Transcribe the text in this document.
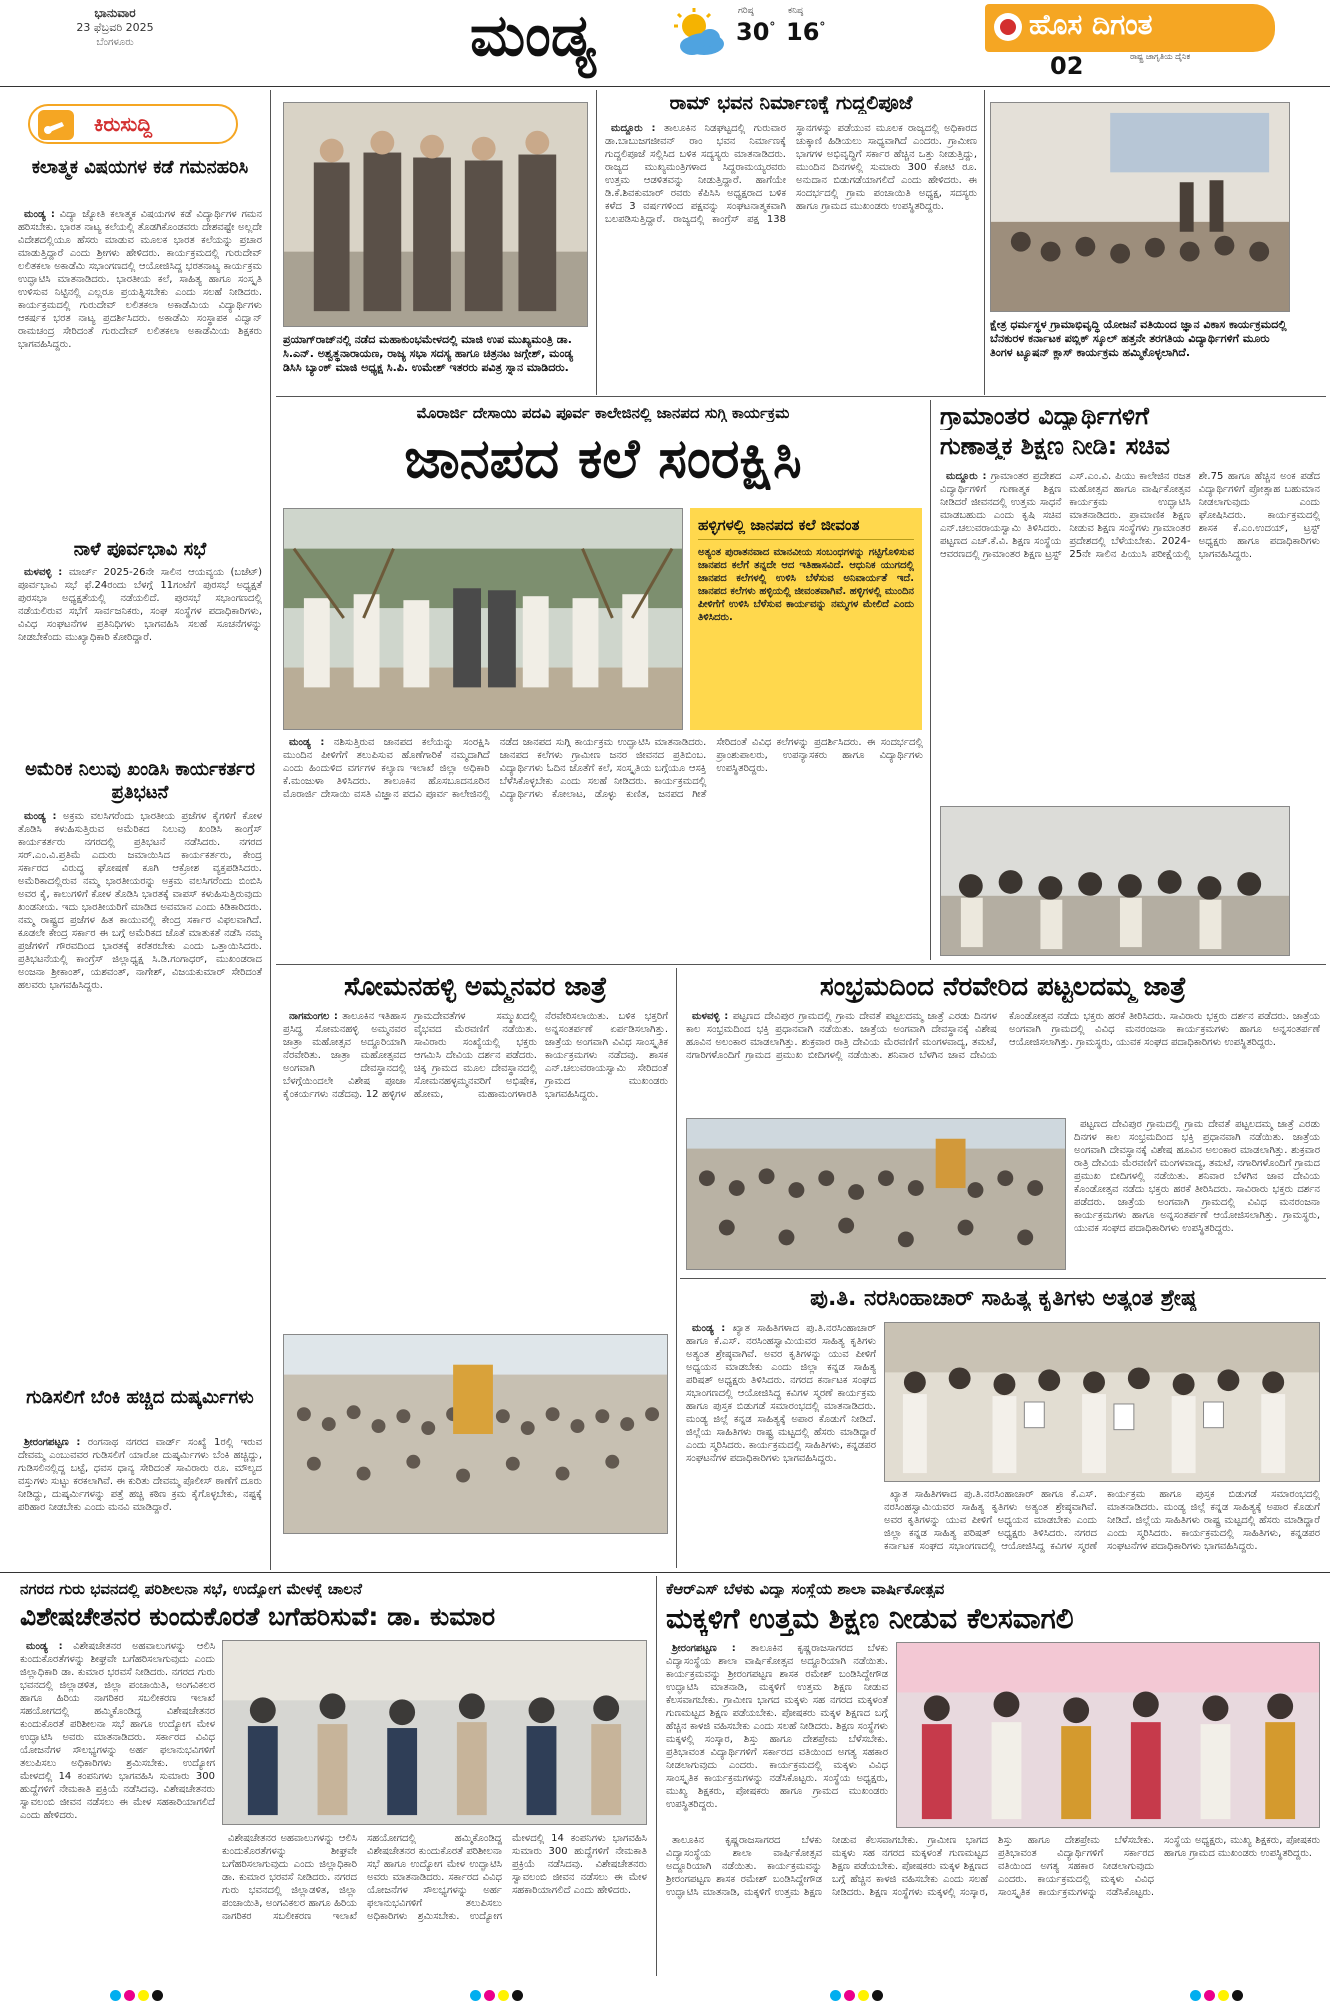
ಭಾನುವಾರ
23 ಫೆಬ್ರವರಿ 2025
ಬೆಂಗಳೂರು	ಮಂಡ್ಯ	ಗರಿಷ್ಠ
30°
ಕನಿಷ್ಠ
16°	ಹೊಸ ದಿಗಂತ
ರಾಷ್ಟ್ರ ಜಾಗೃತಿಯ ದೈನಿಕ
02
ಕಿರುಸುದ್ದಿ
ಕಲಾತ್ಮಕ ವಿಷಯಗಳ ಕಡೆ ಗಮನಹರಿಸಿ

ಮಂಡ್ಯ : ವಿದ್ಯಾ ಜ್ಯೋತಿ ಕಲಾತ್ಮಕ ವಿಷಯಗಳ ಕಡೆ ವಿದ್ಯಾರ್ಥಿಗಳ ಗಮನ ಹರಿಸಬೇಕು. ಭಾರತ ನಾಟ್ಯ ಕಲೆಯಲ್ಲಿ ತೊಡಗಿಕೊಂಡವರು ದೇಶವಷ್ಟೇ ಅಲ್ಲದೇ ವಿದೇಶದಲ್ಲಿಯೂ ಹೆಸರು ಮಾಡುವ ಮೂಲಕ ಭಾರತ ಕಲೆಯನ್ನು ಪ್ರಚಾರ ಮಾಡುತ್ತಿದ್ದಾರೆ ಎಂದು ಶ್ರೀಗಳು ಹೇಳಿದರು. ಕಾರ್ಯಕ್ರಮದಲ್ಲಿ ಗುರುದೇವ್ ಲಲಿತಕಲಾ ಅಕಾಡೆಮಿ ಸಭಾಂಗಣದಲ್ಲಿ ಆಯೋಜಿಸಿದ್ದ ಭರತನಾಟ್ಯ ಕಾರ್ಯಕ್ರಮ ಉದ್ಘಾಟಿಸಿ ಮಾತನಾಡಿದರು. ಭಾರತೀಯ ಕಲೆ, ಸಾಹಿತ್ಯ ಹಾಗೂ ಸಂಸ್ಕೃತಿ ಉಳಿಸುವ ನಿಟ್ಟಿನಲ್ಲಿ ಎಲ್ಲರೂ ಪ್ರಯತ್ನಿಸಬೇಕು ಎಂದು ಸಲಹೆ ನೀಡಿದರು. ಕಾರ್ಯಕ್ರಮದಲ್ಲಿ ಗುರುದೇವ್ ಲಲಿತಕಲಾ ಅಕಾಡೆಮಿಯ ವಿದ್ಯಾರ್ಥಿಗಳು ಆಕರ್ಷಕ ಭರತ ನಾಟ್ಯ ಪ್ರದರ್ಶಿಸಿದರು. ಅಕಾಡೆಮಿ ಸಂಸ್ಥಾಪಕ ವಿದ್ವಾನ್ ರಾಮಚಂದ್ರ ಸೇರಿದಂತೆ ಗುರುದೇವ್ ಲಲಿತಕಲಾ ಅಕಾಡೆಮಿಯ ಶಿಕ್ಷಕರು ಭಾಗವಹಿಸಿದ್ದರು.

ನಾಳೆ ಪೂರ್ವಭಾವಿ ಸಭೆ

ಮಳವಳ್ಳಿ : ಮಾರ್ಚ್ 2025-26ನೇ ಸಾಲಿನ ಆಯವ್ಯಯ (ಬಜೆಟ್) ಪೂರ್ವಭಾವಿ ಸಭೆ ಫೆ.24ರಂದು ಬೆಳಗ್ಗೆ 11ಗಂಟೆಗೆ ಪುರಸಭೆ ಅಧ್ಯಕ್ಷತೆ ಪುರಸಭಾ ಅಧ್ಯಕ್ಷತೆಯಲ್ಲಿ ನಡೆಯಲಿದೆ. ಪುರಸಭೆ ಸಭಾಂಗಣದಲ್ಲಿ ನಡೆಯಲಿರುವ ಸಭೆಗೆ ಸಾರ್ವಜನಿಕರು, ಸಂಘ ಸಂಸ್ಥೆಗಳ ಪದಾಧಿಕಾರಿಗಳು, ವಿವಿಧ ಸಂಘಟನೆಗಳ ಪ್ರತಿನಿಧಿಗಳು ಭಾಗವಹಿಸಿ ಸಲಹೆ ಸೂಚನೆಗಳನ್ನು ನೀಡಬೇಕೆಂದು ಮುಖ್ಯಾಧಿಕಾರಿ ಕೋರಿದ್ದಾರೆ.

ಅಮೆರಿಕ ನಿಲುವು ಖಂಡಿಸಿ ಕಾರ್ಯಕರ್ತರ ಪ್ರತಿಭಟನೆ

ಮಂಡ್ಯ : ಅಕ್ರಮ ವಲಸಿಗರೆಂದು ಭಾರತೀಯ ಪ್ರಜೆಗಳ ಕೈಗಳಿಗೆ ಕೋಳ ತೊಡಿಸಿ ಕಳುಹಿಸುತ್ತಿರುವ ಅಮೆರಿಕದ ನಿಲುವು ಖಂಡಿಸಿ ಕಾಂಗ್ರೆಸ್ ಕಾರ್ಯಕರ್ತರು ನಗರದಲ್ಲಿ ಪ್ರತಿಭಟನೆ ನಡೆಸಿದರು. ನಗರದ ಸರ್.ಎಂ.ವಿ.ಪ್ರತಿಮೆ ಎದುರು ಜಮಾಯಿಸಿದ ಕಾರ್ಯಕರ್ತರು, ಕೇಂದ್ರ ಸರ್ಕಾರದ ವಿರುದ್ಧ ಘೋಷಣೆ ಕೂಗಿ ಆಕ್ರೋಶ ವ್ಯಕ್ತಪಡಿಸಿದರು. ಅಮೆರಿಕಾದಲ್ಲಿರುವ ನಮ್ಮ ಭಾರತೀಯರನ್ನು ಅಕ್ರಮ ವಲಸಿಗರೆಂದು ಬಿಂಬಿಸಿ ಅವರ ಕೈ, ಕಾಲುಗಳಿಗೆ ಕೋಳ ತೊಡಿಸಿ ಭಾರತಕ್ಕೆ ವಾಪಸ್ ಕಳುಹಿಸುತ್ತಿರುವುದು ಖಂಡನೀಯ. ಇದು ಭಾರತೀಯರಿಗೆ ಮಾಡಿದ ಅವಮಾನ ಎಂದು ಕಿಡಿಕಾರಿದರು. ನಮ್ಮ ರಾಷ್ಟ್ರದ ಪ್ರಜೆಗಳ ಹಿತ ಕಾಯುವಲ್ಲಿ ಕೇಂದ್ರ ಸರ್ಕಾರ ವಿಫಲವಾಗಿದೆ. ಕೂಡಲೇ ಕೇಂದ್ರ ಸರ್ಕಾರ ಈ ಬಗ್ಗೆ ಅಮೆರಿಕದ ಜೊತೆ ಮಾತುಕತೆ ನಡೆಸಿ ನಮ್ಮ ಪ್ರಜೆಗಳಿಗೆ ಗೌರವದಿಂದ ಭಾರತಕ್ಕೆ ಕರೆತರಬೇಕು ಎಂದು ಒತ್ತಾಯಿಸಿದರು. ಪ್ರತಿಭಟನೆಯಲ್ಲಿ ಕಾಂಗ್ರೆಸ್ ಜಿಲ್ಲಾಧ್ಯಕ್ಷ ಸಿ.ಡಿ.ಗಂಗಾಧರ್, ಮುಖಂಡರಾದ ಅಂಜನಾ ಶ್ರೀಕಾಂತ್, ಯಶವಂತ್, ನಾಗೇಶ್, ವಿಜಯಕುಮಾರ್ ಸೇರಿದಂತೆ ಹಲವರು ಭಾಗವಹಿಸಿದ್ದರು.

ಗುಡಿಸಲಿಗೆ ಬೆಂಕಿ ಹಚ್ಚಿದ ದುಷ್ಕರ್ಮಿಗಳು

ಶ್ರೀರಂಗಪಟ್ಟಣ : ರಂಗನಾಥ ನಗರದ ವಾರ್ಡ್ ಸಂಖ್ಯೆ 1ರಲ್ಲಿ ಇರುವ ದೇವಮ್ಮ ಎಂಬುವವರ ಗುಡಿಸಲಿಗೆ ಯಾರೋ ದುಷ್ಕರ್ಮಿಗಳು ಬೆಂಕಿ ಹಚ್ಚಿದ್ದು, ಗುಡಿಸಲಿನಲ್ಲಿದ್ದ ಬಟ್ಟೆ, ಧವಸ ಧಾನ್ಯ ಸೇರಿದಂತೆ ಸಾವಿರಾರು ರೂ. ಮೌಲ್ಯದ ವಸ್ತುಗಳು ಸುಟ್ಟು ಕರಕಲಾಗಿವೆ. ಈ ಕುರಿತು ದೇವಮ್ಮ ಪೊಲೀಸ್ ಠಾಣೆಗೆ ದೂರು ನೀಡಿದ್ದು, ದುಷ್ಕರ್ಮಿಗಳನ್ನು ಪತ್ತೆ ಹಚ್ಚಿ ಕಠಿಣ ಕ್ರಮ ಕೈಗೊಳ್ಳಬೇಕು, ನಷ್ಟಕ್ಕೆ ಪರಿಹಾರ ನೀಡಬೇಕು ಎಂದು ಮನವಿ ಮಾಡಿದ್ದಾರೆ.

ಪ್ರಯಾಗ್‌ರಾಜ್‌ನಲ್ಲಿ ನಡೆದ ಮಹಾಕುಂಭಮೇಳದಲ್ಲಿ ಮಾಜಿ ಉಪ ಮುಖ್ಯಮಂತ್ರಿ ಡಾ. ಸಿ.ಎನ್. ಅಶ್ವತ್ಥನಾರಾಯಣ, ರಾಜ್ಯ ಸಭಾ ಸದಸ್ಯ ಹಾಗೂ ಚಿತ್ರನಟ ಜಗ್ಗೇಶ್, ಮಂಡ್ಯ ಡಿಸಿಸಿ ಬ್ಯಾಂಕ್ ಮಾಜಿ ಅಧ್ಯಕ್ಷ ಸಿ.ಪಿ. ಉಮೇಶ್ ಇತರರು ಪವಿತ್ರ ಸ್ನಾನ ಮಾಡಿದರು.
ರಾಮ್ ಭವನ ನಿರ್ಮಾಣಕ್ಕೆ ಗುದ್ದಲಿಪೂಜೆ

ಮದ್ದೂರು : ತಾಲೂಕಿನ ನಿಡಘಟ್ಟದಲ್ಲಿ ಗುರುವಾರ ಡಾ.ಬಾಬುಜಗಜೀವನ್ ರಾಂ ಭವನ ನಿರ್ಮಾಣಕ್ಕೆ ಗುದ್ದಲಿಪೂಜೆ ಸಲ್ಲಿಸಿದ ಬಳಿಕ ಸದ್ಯಸ್ಯರು ಮಾತನಾಡಿದರು. ರಾಜ್ಯದ ಮುಖ್ಯಮಂತ್ರಿಗಳಾದ ಸಿದ್ದರಾಮಯ್ಯರವರು ಉತ್ತಮ ಆಡಳಿತವನ್ನು ನೀಡುತ್ತಿದ್ದಾರೆ. ಹಾಗೆಯೇ ಡಿ.ಕೆ.ಶಿವಕುಮಾರ್ ರವರು ಕೆಪಿಸಿಸಿ ಅಧ್ಯಕ್ಷರಾದ ಬಳಿಕ ಕಳೆದ 3 ವರ್ಷಗಳಿಂದ ಪಕ್ಷವನ್ನು ಸಂಘಟನಾತ್ಮಕವಾಗಿ ಬಲಪಡಿಸುತ್ತಿದ್ದಾರೆ. ರಾಜ್ಯದಲ್ಲಿ ಕಾಂಗ್ರೆಸ್ ಪಕ್ಷ 138 ಸ್ಥಾನಗಳನ್ನು ಪಡೆಯುವ ಮೂಲಕ ರಾಜ್ಯದಲ್ಲಿ ಅಧಿಕಾರದ ಚುಕ್ಕಾಣಿ ಹಿಡಿಯಲು ಸಾಧ್ಯವಾಗಿದೆ ಎಂದರು. ಗ್ರಾಮೀಣ ಭಾಗಗಳ ಅಭಿವೃದ್ಧಿಗೆ ಸರ್ಕಾರ ಹೆಚ್ಚಿನ ಒತ್ತು ನೀಡುತ್ತಿದ್ದು, ಮುಂದಿನ ದಿನಗಳಲ್ಲಿ ಸುಮಾರು 300 ಕೋಟಿ ರೂ. ಅನುದಾನ ಬಿಡುಗಡೆಯಾಗಲಿದೆ ಎಂದು ಹೇಳಿದರು. ಈ ಸಂದರ್ಭದಲ್ಲಿ ಗ್ರಾಮ ಪಂಚಾಯಿತಿ ಅಧ್ಯಕ್ಷ, ಸದಸ್ಯರು ಹಾಗೂ ಗ್ರಾಮದ ಮುಖಂಡರು ಉಪಸ್ಥಿತರಿದ್ದರು.

ಕ್ಷೇತ್ರ ಧರ್ಮಸ್ಥಳ ಗ್ರಾಮಾಭಿವೃದ್ಧಿ ಯೋಜನೆ ವತಿಯಿಂದ ಜ್ಞಾನ ವಿಕಾಸ ಕಾರ್ಯಕ್ರಮದಲ್ಲಿ ಬೆನಕುರಳ ಕರ್ನಾಟಕ ಪಬ್ಲಿಕ್ ಸ್ಕೂಲ್ ಹತ್ತನೇ ತರಗತಿಯ ವಿದ್ಯಾರ್ಥಿಗಳಿಗೆ ಮೂರು ತಿಂಗಳ ಟ್ಯೂಷನ್ ಕ್ಲಾಸ್ ಕಾರ್ಯಕ್ರಮ ಹಮ್ಮಿಕೊಳ್ಳಲಾಗಿದೆ.
ಮೊರಾರ್ಜಿ ದೇಸಾಯಿ ಪದವಿ ಪೂರ್ವ ಕಾಲೇಜಿನಲ್ಲಿ ಜಾನಪದ ಸುಗ್ಗಿ ಕಾರ್ಯಕ್ರಮ
ಜಾನಪದ ಕಲೆ ಸಂರಕ್ಷಿಸಿ
ಹಳ್ಳಿಗಳಲ್ಲಿ ಜಾನಪದ ಕಲೆ ಜೀವಂತ
ಅತ್ಯಂತ ಪುರಾತನವಾದ ಮಾನವೀಯ ಸಂಬಂಧಗಳನ್ನು ಗಟ್ಟಿಗೊಳಿಸುವ ಜಾನಪದ ಕಲೆಗೆ ತನ್ನದೇ ಆದ ಇತಿಹಾಸವಿದೆ. ಆಧುನಿಕ ಯುಗದಲ್ಲಿ ಜಾನಪದ ಕಲೆಗಳಲ್ಲಿ ಉಳಿಸಿ ಬೆಳೆಸುವ ಅನಿವಾರ್ಯತೆ ಇದೆ. ಜಾನಪದ ಕಲೆಗಳು ಹಳ್ಳಿಯಲ್ಲಿ ಜೀವಂತವಾಗಿವೆ. ಹಳ್ಳಿಗಳಲ್ಲಿ ಮುಂದಿನ ಪೀಳಿಗೆಗೆ ಉಳಿಸಿ ಬೆಳೆಸುವ ಕಾರ್ಯವನ್ನು ನಮ್ಮಗಳ ಮೇಲಿದೆ ಎಂದು ತಿಳಿಸಿದರು.

ಮಂಡ್ಯ : ನಶಿಸುತ್ತಿರುವ ಜಾನಪದ ಕಲೆಯನ್ನು ಸಂರಕ್ಷಿಸಿ ಮುಂದಿನ ಪೀಳಿಗೆಗೆ ತಲುಪಿಸುವ ಹೊಣೆಗಾರಿಕೆ ನಮ್ಮದಾಗಿದೆ ಎಂದು ಹಿಂದುಳಿದ ವರ್ಗಗಳ ಕಲ್ಯಾಣ ಇಲಾಖೆ ಜಿಲ್ಲಾ ಅಧಿಕಾರಿ ಕೆ.ಮಂಜುಳಾ ತಿಳಿಸಿದರು. ತಾಲೂಕಿನ ಹೊಸಬೂದನೂರಿನ ಮೊರಾರ್ಜಿ ದೇಸಾಯಿ ವಸತಿ ವಿಜ್ಞಾನ ಪದವಿ ಪೂರ್ವ ಕಾಲೇಜಿನಲ್ಲಿ ನಡೆದ ಜಾನಪದ ಸುಗ್ಗಿ ಕಾರ್ಯಕ್ರಮ ಉದ್ಘಾಟಿಸಿ ಮಾತನಾಡಿದರು. ಜಾನಪದ ಕಲೆಗಳು ಗ್ರಾಮೀಣ ಜನರ ಜೀವನದ ಪ್ರತಿಬಿಂಬ. ವಿದ್ಯಾರ್ಥಿಗಳು ಓದಿನ ಜೊತೆಗೆ ಕಲೆ, ಸಂಸ್ಕೃತಿಯ ಬಗ್ಗೆಯೂ ಆಸಕ್ತಿ ಬೆಳೆಸಿಕೊಳ್ಳಬೇಕು ಎಂದು ಸಲಹೆ ನೀಡಿದರು. ಕಾರ್ಯಕ್ರಮದಲ್ಲಿ ವಿದ್ಯಾರ್ಥಿಗಳು ಕೋಲಾಟ, ಡೊಳ್ಳು ಕುಣಿತ, ಜನಪದ ಗೀತೆ ಸೇರಿದಂತೆ ವಿವಿಧ ಕಲೆಗಳನ್ನು ಪ್ರದರ್ಶಿಸಿದರು. ಈ ಸಂದರ್ಭದಲ್ಲಿ ಪ್ರಾಂಶುಪಾಲರು, ಉಪನ್ಯಾಸಕರು ಹಾಗೂ ವಿದ್ಯಾರ್ಥಿಗಳು ಉಪಸ್ಥಿತರಿದ್ದರು.

ಗ್ರಾಮಾಂತರ ವಿದ್ಯಾರ್ಥಿಗಳಿಗೆ
ಗುಣಾತ್ಮಕ ಶಿಕ್ಷಣ ನೀಡಿ: ಸಚಿವ

ಮದ್ದೂರು : ಗ್ರಾಮಾಂತರ ಪ್ರದೇಶದ ವಿದ್ಯಾರ್ಥಿಗಳಿಗೆ ಗುಣಾತ್ಮಕ ಶಿಕ್ಷಣ ನೀಡಿದರೆ ಜೀವನದಲ್ಲಿ ಉತ್ತಮ ಸಾಧನೆ ಮಾಡಬಹುದು ಎಂದು ಕೃಷಿ ಸಚಿವ ಎನ್.ಚಲುವರಾಯಸ್ವಾಮಿ ತಿಳಿಸಿದರು. ಪಟ್ಟಣದ ಎಚ್.ಕೆ.ವಿ. ಶಿಕ್ಷಣ ಸಂಸ್ಥೆಯ ಆವರಣದಲ್ಲಿ ಗ್ರಾಮಾಂತರ ಶಿಕ್ಷಣ ಟ್ರಸ್ಟ್ ಎಸ್.ಎಂ.ವಿ. ಪಿಯು ಕಾಲೇಜಿನ ರಜತ ಮಹೋತ್ಸವ ಹಾಗೂ ವಾರ್ಷಿಕೋತ್ಸವ ಕಾರ್ಯಕ್ರಮ ಉದ್ಘಾಟಿಸಿ ಮಾತನಾಡಿದರು. ಪ್ರಾಮಾಣಿಕ ಶಿಕ್ಷಣ ನೀಡುವ ಶಿಕ್ಷಣ ಸಂಸ್ಥೆಗಳು ಗ್ರಾಮಾಂತರ ಪ್ರದೇಶದಲ್ಲಿ ಬೆಳೆಯಬೇಕು. 2024-25ನೇ ಸಾಲಿನ ಪಿಯುಸಿ ಪರೀಕ್ಷೆಯಲ್ಲಿ ಶೇ.75 ಹಾಗೂ ಹೆಚ್ಚಿನ ಅಂಕ ಪಡೆದ ವಿದ್ಯಾರ್ಥಿಗಳಿಗೆ ಪ್ರೋತ್ಸಾಹ ಬಹುಮಾನ ನೀಡಲಾಗುವುದು ಎಂದು ಘೋಷಿಸಿದರು. ಕಾರ್ಯಕ್ರಮದಲ್ಲಿ ಶಾಸಕ ಕೆ.ಎಂ.ಉದಯ್, ಟ್ರಸ್ಟ್ ಅಧ್ಯಕ್ಷರು ಹಾಗೂ ಪದಾಧಿಕಾರಿಗಳು ಭಾಗವಹಿಸಿದ್ದರು.

ಸೋಮನಹಳ್ಳಿ ಅಮ್ಮನವರ ಜಾತ್ರೆ

ನಾಗಮಂಗಲ : ತಾಲೂಕಿನ ಇತಿಹಾಸ ಪ್ರಸಿದ್ಧ ಸೋಮನಹಳ್ಳಿ ಅಮ್ಮನವರ ಜಾತ್ರಾ ಮಹೋತ್ಸವ ಅದ್ದೂರಿಯಾಗಿ ನೆರವೇರಿತು. ಜಾತ್ರಾ ಮಹೋತ್ಸವದ ಅಂಗವಾಗಿ ದೇವಸ್ಥಾನದಲ್ಲಿ ಬೆಳಗ್ಗೆಯಿಂದಲೇ ವಿಶೇಷ ಪೂಜಾ ಕೈಂಕರ್ಯಗಳು ನಡೆದವು. 12 ಹಳ್ಳಿಗಳ ಗ್ರಾಮದೇವತೆಗಳ ಸಮ್ಮುಖದಲ್ಲಿ ವೈಭವದ ಮೆರವಣಿಗೆ ನಡೆಯಿತು. ಸಾವಿರಾರು ಸಂಖ್ಯೆಯಲ್ಲಿ ಭಕ್ತರು ಆಗಮಿಸಿ ದೇವಿಯ ದರ್ಶನ ಪಡೆದರು. ಚಿಕ್ಕ ಗ್ರಾಮದ ಮೂಲ ದೇವಸ್ಥಾನದಲ್ಲಿ ಸೋಮನಹಳ್ಳಮ್ಮನವರಿಗೆ ಅಭಿಷೇಕ, ಹೋಮ, ಮಹಾಮಂಗಳಾರತಿ ನೆರವೇರಿಸಲಾಯಿತು. ಬಳಿಕ ಭಕ್ತರಿಗೆ ಅನ್ನಸಂತರ್ಪಣೆ ಏರ್ಪಡಿಸಲಾಗಿತ್ತು. ಜಾತ್ರೆಯ ಅಂಗವಾಗಿ ವಿವಿಧ ಸಾಂಸ್ಕೃತಿಕ ಕಾರ್ಯಕ್ರಮಗಳು ನಡೆದವು. ಶಾಸಕ ಎನ್.ಚಲುವರಾಯಸ್ವಾಮಿ ಸೇರಿದಂತೆ ಗ್ರಾಮದ ಮುಖಂಡರು ಭಾಗವಹಿಸಿದ್ದರು.

ಸಂಭ್ರಮದಿಂದ ನೆರವೇರಿದ ಪಟ್ಟಲದಮ್ಮ ಜಾತ್ರೆ

ಮಳವಳ್ಳಿ : ಪಟ್ಟಣದ ದೇವಿಪುರ ಗ್ರಾಮದಲ್ಲಿ ಗ್ರಾಮ ದೇವತೆ ಪಟ್ಟಲದಮ್ಮ ಜಾತ್ರೆ ಎರಡು ದಿನಗಳ ಕಾಲ ಸಂಭ್ರಮದಿಂದ ಭಕ್ತಿ ಪ್ರಧಾನವಾಗಿ ನಡೆಯಿತು. ಜಾತ್ರೆಯ ಅಂಗವಾಗಿ ದೇವಸ್ಥಾನಕ್ಕೆ ವಿಶೇಷ ಹೂವಿನ ಅಲಂಕಾರ ಮಾಡಲಾಗಿತ್ತು. ಶುಕ್ರವಾರ ರಾತ್ರಿ ದೇವಿಯ ಮೆರವಣಿಗೆ ಮಂಗಳವಾದ್ಯ, ತಮಟೆ, ನಗಾರಿಗಳೊಂದಿಗೆ ಗ್ರಾಮದ ಪ್ರಮುಖ ಬೀದಿಗಳಲ್ಲಿ ನಡೆಯಿತು. ಶನಿವಾರ ಬೆಳಗಿನ ಜಾವ ದೇವಿಯ ಕೊಂಡೋತ್ಸವ ನಡೆದು ಭಕ್ತರು ಹರಕೆ ತೀರಿಸಿದರು. ಸಾವಿರಾರು ಭಕ್ತರು ದರ್ಶನ ಪಡೆದರು. ಜಾತ್ರೆಯ ಅಂಗವಾಗಿ ಗ್ರಾಮದಲ್ಲಿ ವಿವಿಧ ಮನರಂಜನಾ ಕಾರ್ಯಕ್ರಮಗಳು ಹಾಗೂ ಅನ್ನಸಂತರ್ಪಣೆ ಆಯೋಜಿಸಲಾಗಿತ್ತು. ಗ್ರಾಮಸ್ಥರು, ಯುವಕ ಸಂಘದ ಪದಾಧಿಕಾರಿಗಳು ಉಪಸ್ಥಿತರಿದ್ದರು.

ಪಟ್ಟಣದ ದೇವಿಪುರ ಗ್ರಾಮದಲ್ಲಿ ಗ್ರಾಮ ದೇವತೆ ಪಟ್ಟಲದಮ್ಮ ಜಾತ್ರೆ ಎರಡು ದಿನಗಳ ಕಾಲ ಸಂಭ್ರಮದಿಂದ ಭಕ್ತಿ ಪ್ರಧಾನವಾಗಿ ನಡೆಯಿತು. ಜಾತ್ರೆಯ ಅಂಗವಾಗಿ ದೇವಸ್ಥಾನಕ್ಕೆ ವಿಶೇಷ ಹೂವಿನ ಅಲಂಕಾರ ಮಾಡಲಾಗಿತ್ತು. ಶುಕ್ರವಾರ ರಾತ್ರಿ ದೇವಿಯ ಮೆರವಣಿಗೆ ಮಂಗಳವಾದ್ಯ, ತಮಟೆ, ನಗಾರಿಗಳೊಂದಿಗೆ ಗ್ರಾಮದ ಪ್ರಮುಖ ಬೀದಿಗಳಲ್ಲಿ ನಡೆಯಿತು. ಶನಿವಾರ ಬೆಳಗಿನ ಜಾವ ದೇವಿಯ ಕೊಂಡೋತ್ಸವ ನಡೆದು ಭಕ್ತರು ಹರಕೆ ತೀರಿಸಿದರು. ಸಾವಿರಾರು ಭಕ್ತರು ದರ್ಶನ ಪಡೆದರು. ಜಾತ್ರೆಯ ಅಂಗವಾಗಿ ಗ್ರಾಮದಲ್ಲಿ ವಿವಿಧ ಮನರಂಜನಾ ಕಾರ್ಯಕ್ರಮಗಳು ಹಾಗೂ ಅನ್ನಸಂತರ್ಪಣೆ ಆಯೋಜಿಸಲಾಗಿತ್ತು. ಗ್ರಾಮಸ್ಥರು, ಯುವಕ ಸಂಘದ ಪದಾಧಿಕಾರಿಗಳು ಉಪಸ್ಥಿತರಿದ್ದರು.

ಪು.ತಿ. ನರಸಿಂಹಾಚಾರ್ ಸಾಹಿತ್ಯ ಕೃತಿಗಳು ಅತ್ಯಂತ ಶ್ರೇಷ್ಠ

ಮಂಡ್ಯ : ಖ್ಯಾತ ಸಾಹಿತಿಗಳಾದ ಪು.ತಿ.ನರಸಿಂಹಾಚಾರ್ ಹಾಗೂ ಕೆ.ಎಸ್. ನರಸಿಂಹಸ್ವಾಮಿಯವರ ಸಾಹಿತ್ಯ ಕೃತಿಗಳು ಅತ್ಯಂತ ಶ್ರೇಷ್ಠವಾಗಿವೆ. ಅವರ ಕೃತಿಗಳನ್ನು ಯುವ ಪೀಳಿಗೆ ಅಧ್ಯಯನ ಮಾಡಬೇಕು ಎಂದು ಜಿಲ್ಲಾ ಕನ್ನಡ ಸಾಹಿತ್ಯ ಪರಿಷತ್ ಅಧ್ಯಕ್ಷರು ತಿಳಿಸಿದರು. ನಗರದ ಕರ್ನಾಟಕ ಸಂಘದ ಸಭಾಂಗಣದಲ್ಲಿ ಆಯೋಜಿಸಿದ್ದ ಕವಿಗಳ ಸ್ಮರಣೆ ಕಾರ್ಯಕ್ರಮ ಹಾಗೂ ಪುಸ್ತಕ ಬಿಡುಗಡೆ ಸಮಾರಂಭದಲ್ಲಿ ಮಾತನಾಡಿದರು. ಮಂಡ್ಯ ಜಿಲ್ಲೆ ಕನ್ನಡ ಸಾಹಿತ್ಯಕ್ಕೆ ಅಪಾರ ಕೊಡುಗೆ ನೀಡಿದೆ. ಜಿಲ್ಲೆಯ ಸಾಹಿತಿಗಳು ರಾಷ್ಟ್ರ ಮಟ್ಟದಲ್ಲಿ ಹೆಸರು ಮಾಡಿದ್ದಾರೆ ಎಂದು ಸ್ಮರಿಸಿದರು. ಕಾರ್ಯಕ್ರಮದಲ್ಲಿ ಸಾಹಿತಿಗಳು, ಕನ್ನಡಪರ ಸಂಘಟನೆಗಳ ಪದಾಧಿಕಾರಿಗಳು ಭಾಗವಹಿಸಿದ್ದರು.

ಖ್ಯಾತ ಸಾಹಿತಿಗಳಾದ ಪು.ತಿ.ನರಸಿಂಹಾಚಾರ್ ಹಾಗೂ ಕೆ.ಎಸ್. ನರಸಿಂಹಸ್ವಾಮಿಯವರ ಸಾಹಿತ್ಯ ಕೃತಿಗಳು ಅತ್ಯಂತ ಶ್ರೇಷ್ಠವಾಗಿವೆ. ಅವರ ಕೃತಿಗಳನ್ನು ಯುವ ಪೀಳಿಗೆ ಅಧ್ಯಯನ ಮಾಡಬೇಕು ಎಂದು ಜಿಲ್ಲಾ ಕನ್ನಡ ಸಾಹಿತ್ಯ ಪರಿಷತ್ ಅಧ್ಯಕ್ಷರು ತಿಳಿಸಿದರು. ನಗರದ ಕರ್ನಾಟಕ ಸಂಘದ ಸಭಾಂಗಣದಲ್ಲಿ ಆಯೋಜಿಸಿದ್ದ ಕವಿಗಳ ಸ್ಮರಣೆ ಕಾರ್ಯಕ್ರಮ ಹಾಗೂ ಪುಸ್ತಕ ಬಿಡುಗಡೆ ಸಮಾರಂಭದಲ್ಲಿ ಮಾತನಾಡಿದರು. ಮಂಡ್ಯ ಜಿಲ್ಲೆ ಕನ್ನಡ ಸಾಹಿತ್ಯಕ್ಕೆ ಅಪಾರ ಕೊಡುಗೆ ನೀಡಿದೆ. ಜಿಲ್ಲೆಯ ಸಾಹಿತಿಗಳು ರಾಷ್ಟ್ರ ಮಟ್ಟದಲ್ಲಿ ಹೆಸರು ಮಾಡಿದ್ದಾರೆ ಎಂದು ಸ್ಮರಿಸಿದರು. ಕಾರ್ಯಕ್ರಮದಲ್ಲಿ ಸಾಹಿತಿಗಳು, ಕನ್ನಡಪರ ಸಂಘಟನೆಗಳ ಪದಾಧಿಕಾರಿಗಳು ಭಾಗವಹಿಸಿದ್ದರು.

ನಗರದ ಗುರು ಭವನದಲ್ಲಿ ಪರಿಶೀಲನಾ ಸಭೆ, ಉದ್ಯೋಗ ಮೇಳಕ್ಕೆ ಚಾಲನೆ
ವಿಶೇಷಚೇತನರ ಕುಂದುಕೊರತೆ ಬಗೆಹರಿಸುವೆ: ಡಾ. ಕುಮಾರ

ಮಂಡ್ಯ : ವಿಶೇಷಚೇತನರ ಅಹವಾಲುಗಳನ್ನು ಆಲಿಸಿ ಕುಂದುಕೊರತೆಗಳನ್ನು ಶೀಘ್ರವೇ ಬಗೆಹರಿಸಲಾಗುವುದು ಎಂದು ಜಿಲ್ಲಾಧಿಕಾರಿ ಡಾ. ಕುಮಾರ ಭರವಸೆ ನೀಡಿದರು. ನಗರದ ಗುರು ಭವನದಲ್ಲಿ ಜಿಲ್ಲಾಡಳಿತ, ಜಿಲ್ಲಾ ಪಂಚಾಯಿತಿ, ಅಂಗವಿಕಲರ ಹಾಗೂ ಹಿರಿಯ ನಾಗರಿಕರ ಸಬಲೀಕರಣ ಇಲಾಖೆ ಸಹಯೋಗದಲ್ಲಿ ಹಮ್ಮಿಕೊಂಡಿದ್ದ ವಿಶೇಷಚೇತನರ ಕುಂದುಕೊರತೆ ಪರಿಶೀಲನಾ ಸಭೆ ಹಾಗೂ ಉದ್ಯೋಗ ಮೇಳ ಉದ್ಘಾಟಿಸಿ ಅವರು ಮಾತನಾಡಿದರು. ಸರ್ಕಾರದ ವಿವಿಧ ಯೋಜನೆಗಳ ಸೌಲಭ್ಯಗಳನ್ನು ಅರ್ಹ ಫಲಾನುಭವಿಗಳಿಗೆ ತಲುಪಿಸಲು ಅಧಿಕಾರಿಗಳು ಶ್ರಮಿಸಬೇಕು. ಉದ್ಯೋಗ ಮೇಳದಲ್ಲಿ 14 ಕಂಪನಿಗಳು ಭಾಗವಹಿಸಿ ಸುಮಾರು 300 ಹುದ್ದೆಗಳಿಗೆ ನೇಮಕಾತಿ ಪ್ರಕ್ರಿಯೆ ನಡೆಸಿದವು. ವಿಶೇಷಚೇತನರು ಸ್ವಾವಲಂಬಿ ಜೀವನ ನಡೆಸಲು ಈ ಮೇಳ ಸಹಕಾರಿಯಾಗಲಿದೆ ಎಂದು ಹೇಳಿದರು.

ವಿಶೇಷಚೇತನರ ಅಹವಾಲುಗಳನ್ನು ಆಲಿಸಿ ಕುಂದುಕೊರತೆಗಳನ್ನು ಶೀಘ್ರವೇ ಬಗೆಹರಿಸಲಾಗುವುದು ಎಂದು ಜಿಲ್ಲಾಧಿಕಾರಿ ಡಾ. ಕುಮಾರ ಭರವಸೆ ನೀಡಿದರು. ನಗರದ ಗುರು ಭವನದಲ್ಲಿ ಜಿಲ್ಲಾಡಳಿತ, ಜಿಲ್ಲಾ ಪಂಚಾಯಿತಿ, ಅಂಗವಿಕಲರ ಹಾಗೂ ಹಿರಿಯ ನಾಗರಿಕರ ಸಬಲೀಕರಣ ಇಲಾಖೆ ಸಹಯೋಗದಲ್ಲಿ ಹಮ್ಮಿಕೊಂಡಿದ್ದ ವಿಶೇಷಚೇತನರ ಕುಂದುಕೊರತೆ ಪರಿಶೀಲನಾ ಸಭೆ ಹಾಗೂ ಉದ್ಯೋಗ ಮೇಳ ಉದ್ಘಾಟಿಸಿ ಅವರು ಮಾತನಾಡಿದರು. ಸರ್ಕಾರದ ವಿವಿಧ ಯೋಜನೆಗಳ ಸೌಲಭ್ಯಗಳನ್ನು ಅರ್ಹ ಫಲಾನುಭವಿಗಳಿಗೆ ತಲುಪಿಸಲು ಅಧಿಕಾರಿಗಳು ಶ್ರಮಿಸಬೇಕು. ಉದ್ಯೋಗ ಮೇಳದಲ್ಲಿ 14 ಕಂಪನಿಗಳು ಭಾಗವಹಿಸಿ ಸುಮಾರು 300 ಹುದ್ದೆಗಳಿಗೆ ನೇಮಕಾತಿ ಪ್ರಕ್ರಿಯೆ ನಡೆಸಿದವು. ವಿಶೇಷಚೇತನರು ಸ್ವಾವಲಂಬಿ ಜೀವನ ನಡೆಸಲು ಈ ಮೇಳ ಸಹಕಾರಿಯಾಗಲಿದೆ ಎಂದು ಹೇಳಿದರು.

ಕೆಆರ್‌ಎಸ್ ಬೆಳಕು ವಿದ್ಯಾ ಸಂಸ್ಥೆಯ ಶಾಲಾ ವಾರ್ಷಿಕೋತ್ಸವ
ಮಕ್ಕಳಿಗೆ ಉತ್ತಮ ಶಿಕ್ಷಣ ನೀಡುವ ಕೆಲಸವಾಗಲಿ

ಶ್ರೀರಂಗಪಟ್ಟಣ : ತಾಲೂಕಿನ ಕೃಷ್ಣರಾಜಸಾಗರದ ಬೆಳಕು ವಿದ್ಯಾಸಂಸ್ಥೆಯ ಶಾಲಾ ವಾರ್ಷಿಕೋತ್ಸವ ಅದ್ದೂರಿಯಾಗಿ ನಡೆಯಿತು. ಕಾರ್ಯಕ್ರಮವನ್ನು ಶ್ರೀರಂಗಪಟ್ಟಣ ಶಾಸಕ ರಮೇಶ್ ಬಂಡಿಸಿದ್ದೇಗೌಡ ಉದ್ಘಾಟಿಸಿ ಮಾತನಾಡಿ, ಮಕ್ಕಳಿಗೆ ಉತ್ತಮ ಶಿಕ್ಷಣ ನೀಡುವ ಕೆಲಸವಾಗಬೇಕು. ಗ್ರಾಮೀಣ ಭಾಗದ ಮಕ್ಕಳು ಸಹ ನಗರದ ಮಕ್ಕಳಂತೆ ಗುಣಮಟ್ಟದ ಶಿಕ್ಷಣ ಪಡೆಯಬೇಕು. ಪೋಷಕರು ಮಕ್ಕಳ ಶಿಕ್ಷಣದ ಬಗ್ಗೆ ಹೆಚ್ಚಿನ ಕಾಳಜಿ ವಹಿಸಬೇಕು ಎಂದು ಸಲಹೆ ನೀಡಿದರು. ಶಿಕ್ಷಣ ಸಂಸ್ಥೆಗಳು ಮಕ್ಕಳಲ್ಲಿ ಸಂಸ್ಕಾರ, ಶಿಸ್ತು ಹಾಗೂ ದೇಶಪ್ರೇಮ ಬೆಳೆಸಬೇಕು. ಪ್ರತಿಭಾವಂತ ವಿದ್ಯಾರ್ಥಿಗಳಿಗೆ ಸರ್ಕಾರದ ವತಿಯಿಂದ ಅಗತ್ಯ ಸಹಕಾರ ನೀಡಲಾಗುವುದು ಎಂದರು. ಕಾರ್ಯಕ್ರಮದಲ್ಲಿ ಮಕ್ಕಳು ವಿವಿಧ ಸಾಂಸ್ಕೃತಿಕ ಕಾರ್ಯಕ್ರಮಗಳನ್ನು ನಡೆಸಿಕೊಟ್ಟರು. ಸಂಸ್ಥೆಯ ಅಧ್ಯಕ್ಷರು, ಮುಖ್ಯ ಶಿಕ್ಷಕರು, ಪೋಷಕರು ಹಾಗೂ ಗ್ರಾಮದ ಮುಖಂಡರು ಉಪಸ್ಥಿತರಿದ್ದರು.

ತಾಲೂಕಿನ ಕೃಷ್ಣರಾಜಸಾಗರದ ಬೆಳಕು ವಿದ್ಯಾಸಂಸ್ಥೆಯ ಶಾಲಾ ವಾರ್ಷಿಕೋತ್ಸವ ಅದ್ದೂರಿಯಾಗಿ ನಡೆಯಿತು. ಕಾರ್ಯಕ್ರಮವನ್ನು ಶ್ರೀರಂಗಪಟ್ಟಣ ಶಾಸಕ ರಮೇಶ್ ಬಂಡಿಸಿದ್ದೇಗೌಡ ಉದ್ಘಾಟಿಸಿ ಮಾತನಾಡಿ, ಮಕ್ಕಳಿಗೆ ಉತ್ತಮ ಶಿಕ್ಷಣ ನೀಡುವ ಕೆಲಸವಾಗಬೇಕು. ಗ್ರಾಮೀಣ ಭಾಗದ ಮಕ್ಕಳು ಸಹ ನಗರದ ಮಕ್ಕಳಂತೆ ಗುಣಮಟ್ಟದ ಶಿಕ್ಷಣ ಪಡೆಯಬೇಕು. ಪೋಷಕರು ಮಕ್ಕಳ ಶಿಕ್ಷಣದ ಬಗ್ಗೆ ಹೆಚ್ಚಿನ ಕಾಳಜಿ ವಹಿಸಬೇಕು ಎಂದು ಸಲಹೆ ನೀಡಿದರು. ಶಿಕ್ಷಣ ಸಂಸ್ಥೆಗಳು ಮಕ್ಕಳಲ್ಲಿ ಸಂಸ್ಕಾರ, ಶಿಸ್ತು ಹಾಗೂ ದೇಶಪ್ರೇಮ ಬೆಳೆಸಬೇಕು. ಪ್ರತಿಭಾವಂತ ವಿದ್ಯಾರ್ಥಿಗಳಿಗೆ ಸರ್ಕಾರದ ವತಿಯಿಂದ ಅಗತ್ಯ ಸಹಕಾರ ನೀಡಲಾಗುವುದು ಎಂದರು. ಕಾರ್ಯಕ್ರಮದಲ್ಲಿ ಮಕ್ಕಳು ವಿವಿಧ ಸಾಂಸ್ಕೃತಿಕ ಕಾರ್ಯಕ್ರಮಗಳನ್ನು ನಡೆಸಿಕೊಟ್ಟರು. ಸಂಸ್ಥೆಯ ಅಧ್ಯಕ್ಷರು, ಮುಖ್ಯ ಶಿಕ್ಷಕರು, ಪೋಷಕರು ಹಾಗೂ ಗ್ರಾಮದ ಮುಖಂಡರು ಉಪಸ್ಥಿತರಿದ್ದರು.
